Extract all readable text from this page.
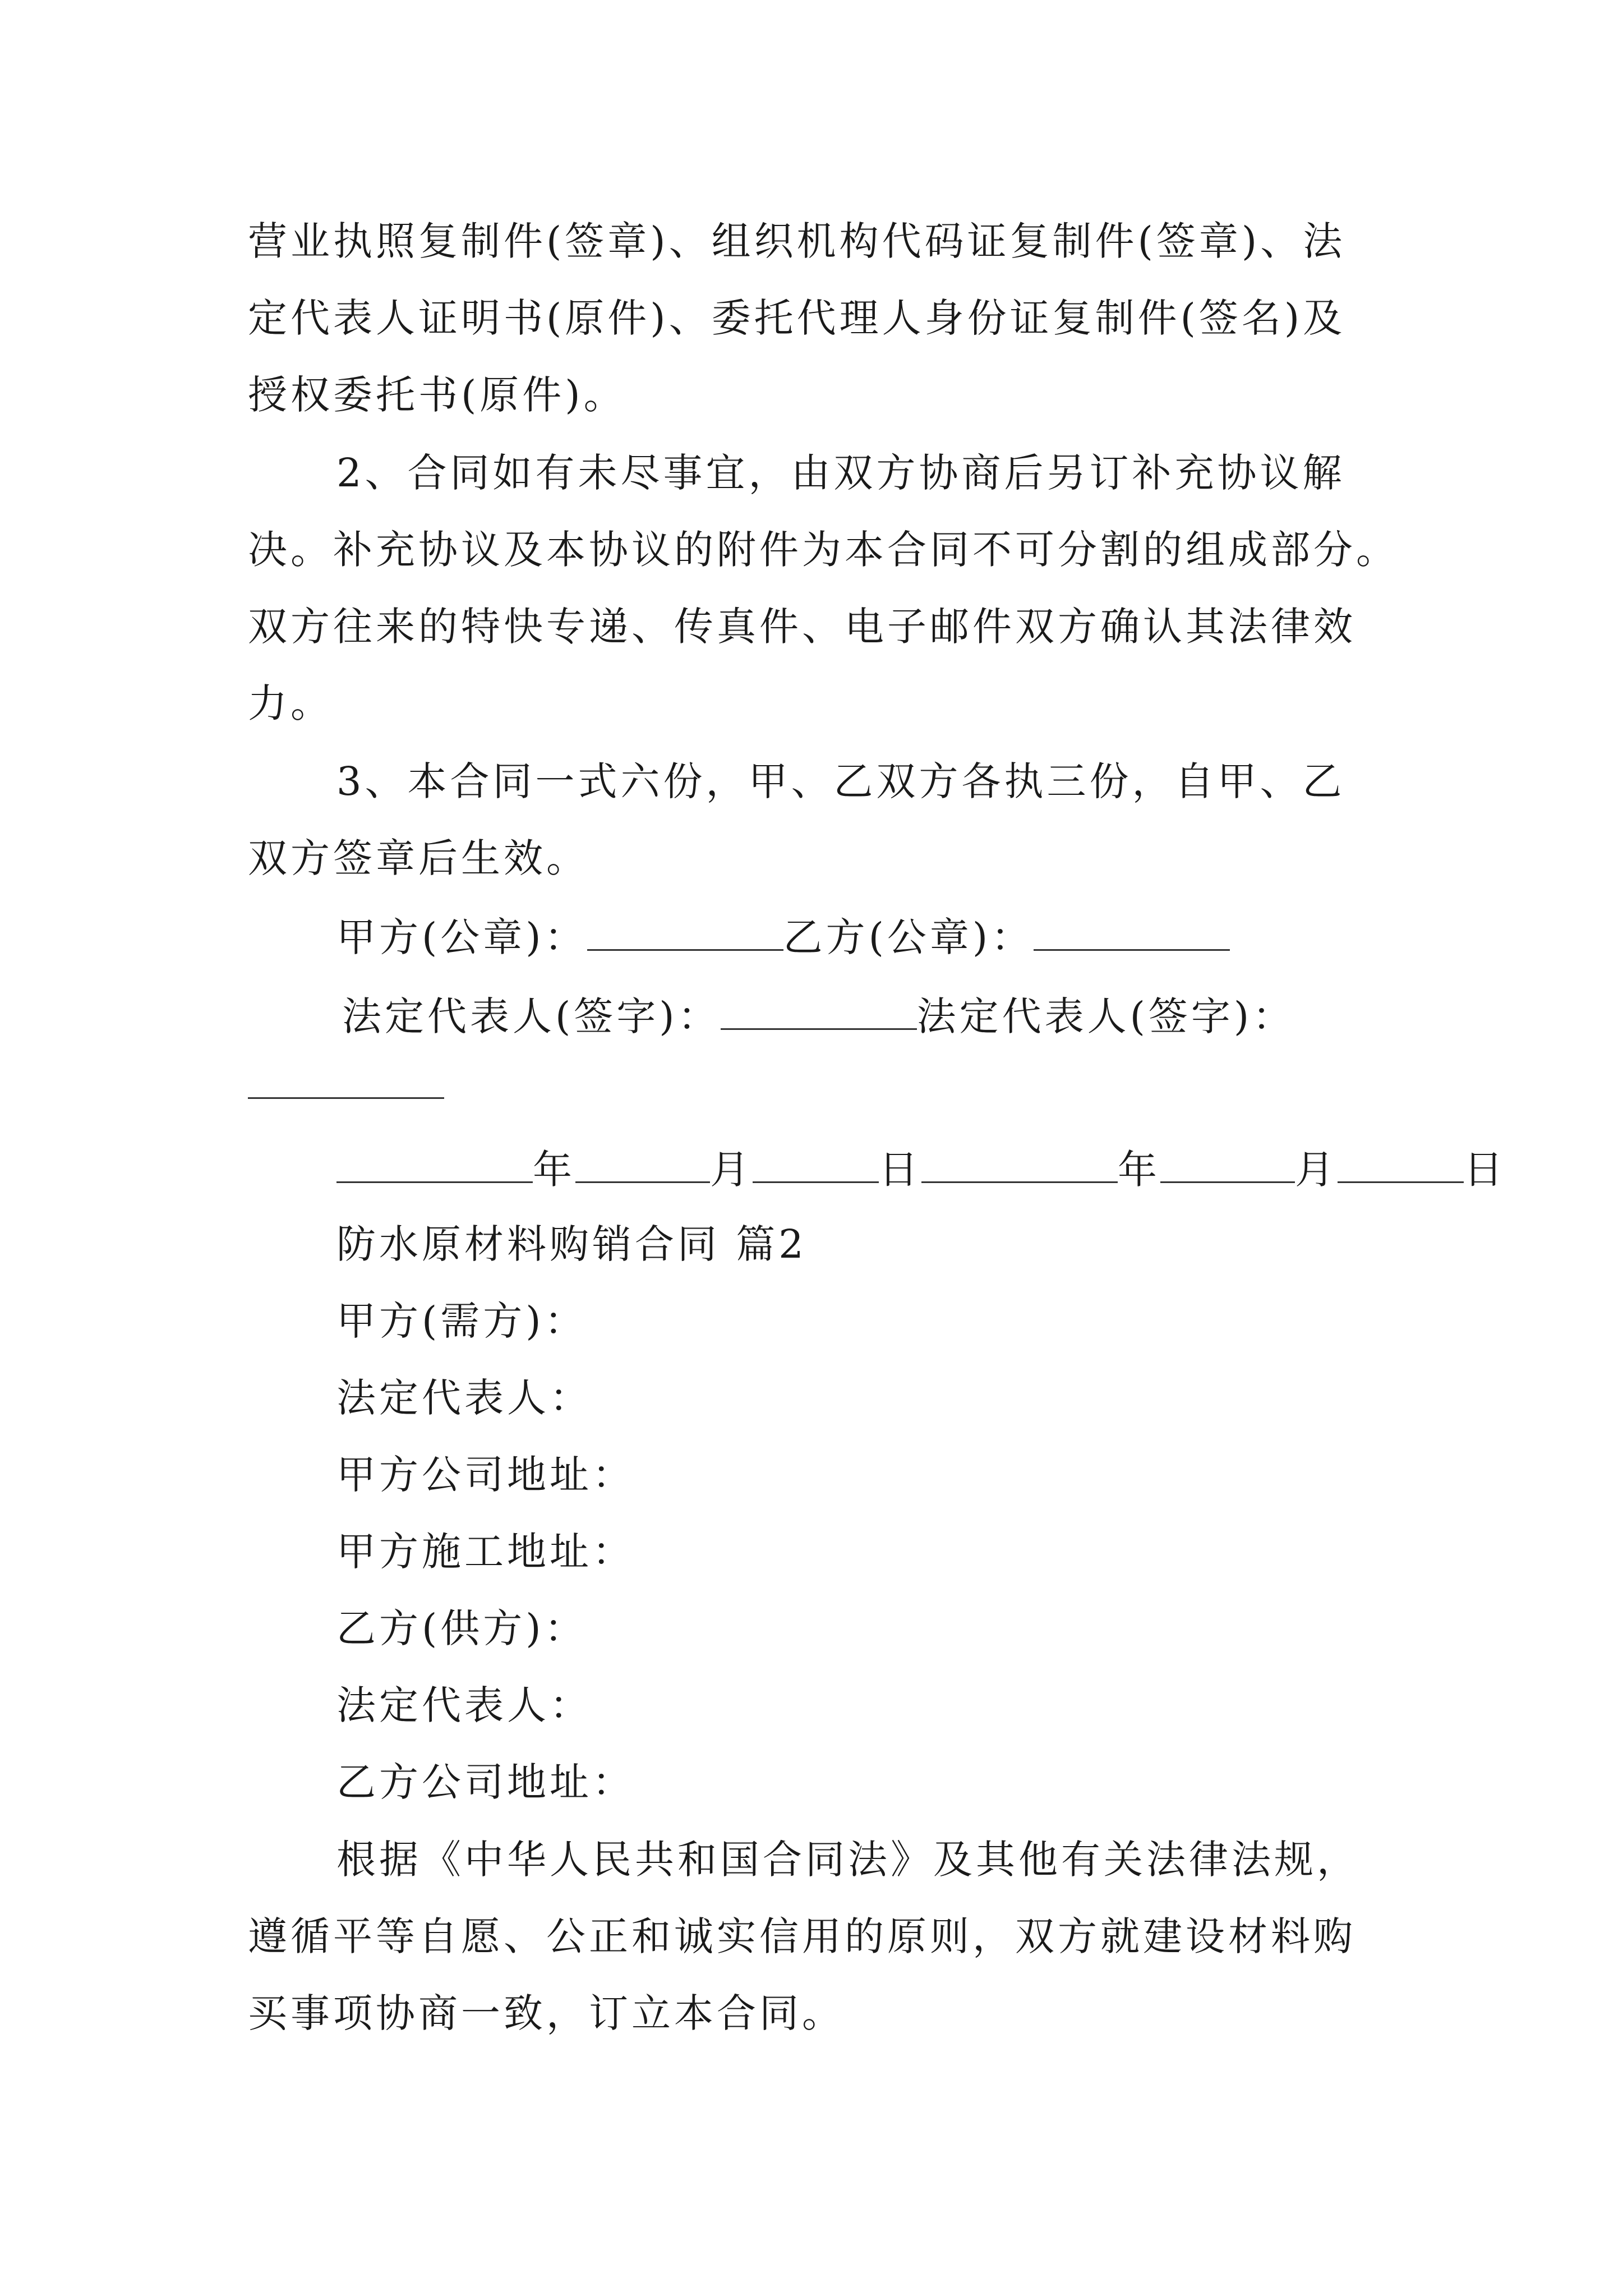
营业执照复制件(签章)、组织机构代码证复制件(签章)、法
定代表人证明书(原件)、委托代理人身份证复制件(签名)及
授权委托书(原件)。
2、合同如有未尽事宜，由双方协商后另订补充协议解
决。补充协议及本协议的附件为本合同不可分割的组成部分。
双方往来的特快专递、传真件、电子邮件双方确认其法律效
力。
3、本合同一式六份，甲、乙双方各执三份，自甲、乙
双方签章后生效。
甲方(公章)：	乙方(公章)：
法定代表人(签字)：	法定代表人(签字)：
年	月	日	年	月	日
防水原材料购销合同 篇2
甲方(需方)：
法定代表人：
甲方公司地址：
甲方施工地址：
乙方(供方)：
法定代表人：
乙方公司地址：
根据《中华人民共和国合同法》及其他有关法律法规，
遵循平等自愿、公正和诚实信用的原则，双方就建设材料购
买事项协商一致，订立本合同。
